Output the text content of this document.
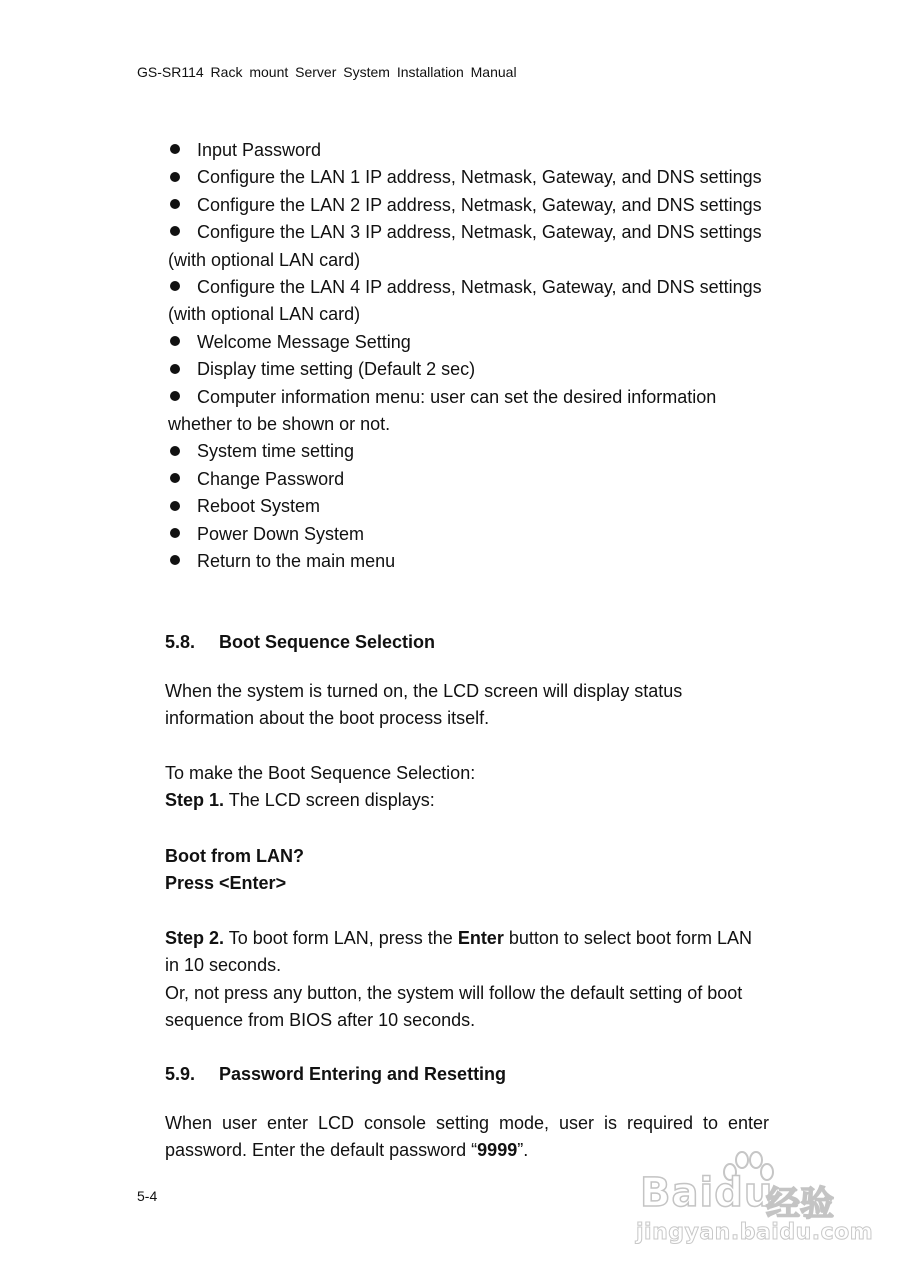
GS-SR114 Rack mount Server System Installation Manual
Input Password
Configure the LAN 1 IP address, Netmask, Gateway, and DNS settings
Configure the LAN 2 IP address, Netmask, Gateway, and DNS settings
Configure the LAN 3 IP address, Netmask, Gateway, and DNS settings
(with optional LAN card)
Configure the LAN 4 IP address, Netmask, Gateway, and DNS settings
(with optional LAN card)
Welcome Message Setting
Display time setting (Default 2 sec)
Computer information menu: user can set the desired information
whether to be shown or not.
System time setting
Change Password
Reboot System
Power Down System
Return to the main menu
5.8. Boot Sequence Selection

When the system is turned on, the LCD screen will display status
information about the boot process itself.

To make the Boot Sequence Selection:
Step 1. The LCD screen displays:

Boot from LAN?
Press <Enter>

Step 2. To boot form LAN, press the Enter button to select boot form LAN
in 10 seconds.
Or, not press any button, the system will follow the default setting of boot
sequence from BIOS after 10 seconds.

5.9. Password Entering and Resetting

When user enter LCD console setting mode, user is required to enter
password. Enter the default password “9999”.

5-4	Baidu
经验
jingyan.baidu.com
